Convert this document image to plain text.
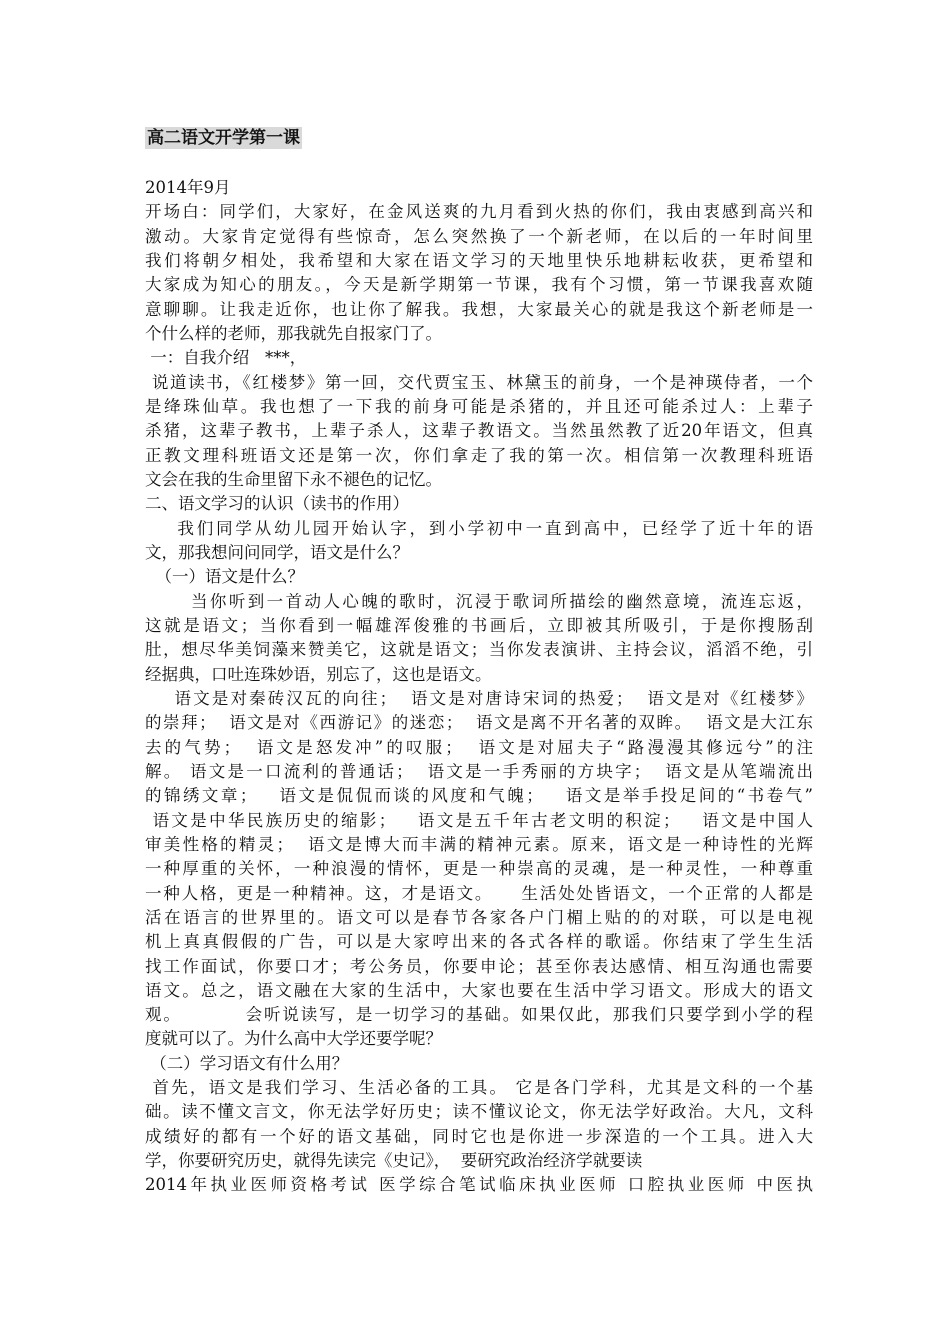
高二语文开学第一课
2014年9月
开场白：同学们，大家好，在金风送爽的九月看到火热的你们，我由衷感到高兴和
激动。大家肯定觉得有些惊奇，怎么突然换了一个新老师，在以后的一年时间里
我们将朝夕相处，我希望和大家在语文学习的天地里快乐地耕耘收获，更希望和
大家成为知心的朋友。，今天是新学期第一节课，我有个习惯，第一节课我喜欢随
意聊聊。让我走近你，也让你了解我。我想，大家最关心的就是我这个新老师是一
个什么样的老师，那我就先自报家门了。
一：自我介绍   ***，
说道读书，《红楼梦》第一回，交代贾宝玉、林黛玉的前身，一个是神瑛侍者，一个
是绛珠仙草。我也想了一下我的前身可能是杀猪的，并且还可能杀过人：上辈子
杀猪，这辈子教书，上辈子杀人，这辈子教语文。当然虽然教了近20年语文，但真
正教文理科班语文还是第一次，你们拿走了我的第一次。相信第一次教理科班语
文会在我的生命里留下永不褪色的记忆。
二、语文学习的认识（读书的作用）
我们同学从幼儿园开始认字，到小学初中一直到高中，已经学了近十年的语
文，那我想问问同学，语文是什么？
（一）语文是什么？
当你听到一首动人心魄的歌时，沉浸于歌词所描绘的幽然意境，流连忘返，
这就是语文；当你看到一幅雄浑俊雅的书画后，立即被其所吸引，于是你搜肠刮
肚，想尽华美饲藻来赞美它，这就是语文；当你发表演讲、主持会议，滔滔不绝，引
经据典，口吐连珠妙语，别忘了，这也是语文。
语文是对秦砖汉瓦的向往；  语文是对唐诗宋词的热爱；  语文是对《红楼梦》
的崇拜；  语文是对《西游记》的迷恋；  语文是离不开名著的双眸。  语文是大江东
去的气势；  语文是怒发冲”的叹服；  语文是对屈夫子“路漫漫其修远兮”的注
解。 语文是一口流利的普通话；  语文是一手秀丽的方块字；  语文是从笔端流出
的锦绣文章；   语文是侃侃而谈的风度和气魄；   语文是举手投足间的“书卷气”
语文是中华民族历史的缩影；   语文是五千年古老文明的积淀；   语文是中国人
审美性格的精灵；  语文是博大而丰满的精神元素。原来，语文是一种诗性的光辉
一种厚重的关怀，一种浪漫的情怀，更是一种崇高的灵魂，是一种灵性，一种尊重
一种人格，更是一种精神。这，才是语文。    生活处处皆语文，一个正常的人都是
活在语言的世界里的。语文可以是春节各家各户门楣上贴的的对联，可以是电视
机上真真假假的广告，可以是大家哼出来的各式各样的歌谣。你结束了学生生活
找工作面试，你要口才；考公务员，你要申论；甚至你表达感情、相互沟通也需要
语文。总之，语文融在大家的生活中，大家也要在生活中学习语文。形成大的语文
观。         会听说读写，是一切学习的基础。如果仅此，那我们只要学到小学的程
度就可以了。为什么高中大学还要学呢？
（二）学习语文有什么用？
首先，语文是我们学习、生活必备的工具。 它是各门学科，尤其是文科的一个基
础。读不懂文言文，你无法学好历史；读不懂议论文，你无法学好政治。大凡，文科
成绩好的都有一个好的语文基础，同时它也是你进一步深造的一个工具。进入大
学，你要研究历史，就得先读完《史记》，  要研究政治经济学就要读
2014年执业医师资格考试 医学综合笔试临床执业医师 口腔执业医师 中医执
